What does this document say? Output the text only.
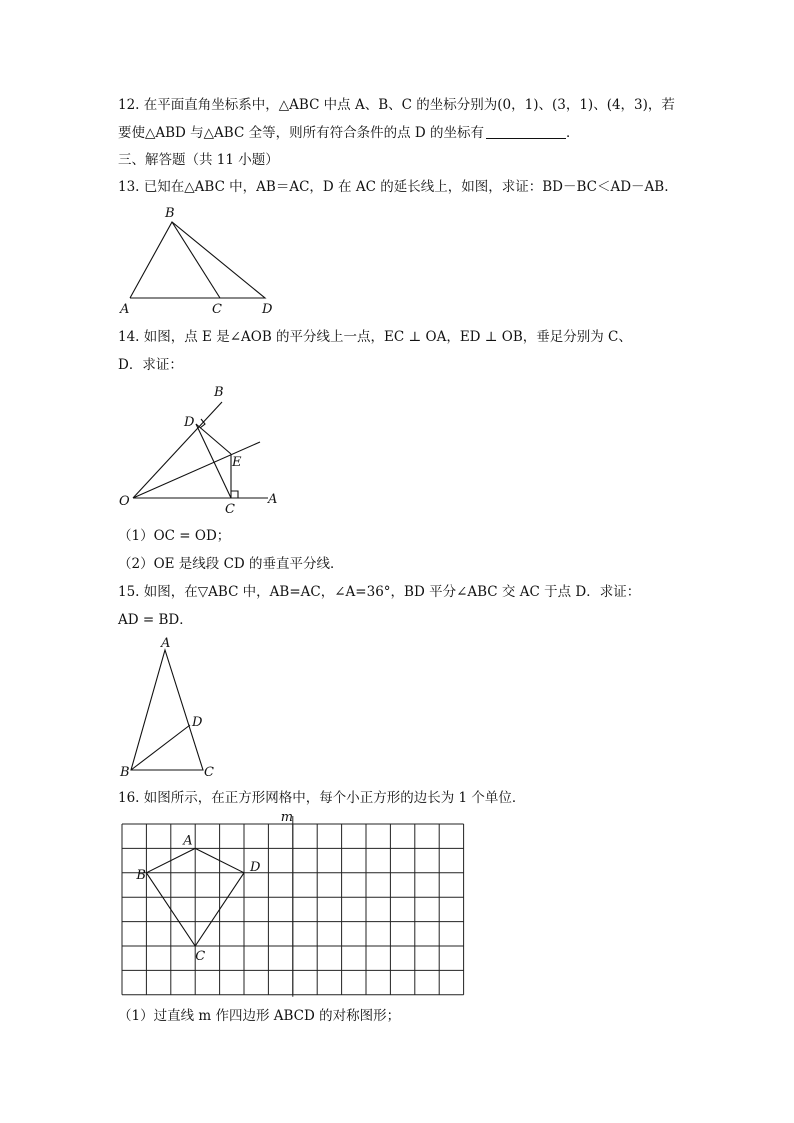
12. 在平面直角坐标系中，△ABC 中点 A、B、C 的坐标分别为(0，1)、(3，1)、(4，3)，若
要使△ABD 与△ABC 全等，则所有符合条件的点 D 的坐标有	．
三、解答题（共 11 小题）
13. 已知在△ABC 中，AB＝AC，D 在 AC 的延长线上，如图，求证：BD－BC＜AD－AB.
B
A	C	D
14. 如图，点 E 是∠AOB 的平分线上一点，EC ⊥ OA，ED ⊥ OB，垂足分别为 C、
D．求证：
B
D
E
O
C
A
（1）OC = OD；
（2）OE 是线段 CD 的垂直平分线．
15. 如图，在▽ABC 中，AB=AC，∠A=36°，BD 平分∠ABC 交 AC 于点 D．求证：
AD = BD．
A
D
B	C
16. 如图所示，在正方形网格中，每个小正方形的边长为 1 个单位．
m
A
D
C
B
（1）过直线 m 作四边形 ABCD 的对称图形；
